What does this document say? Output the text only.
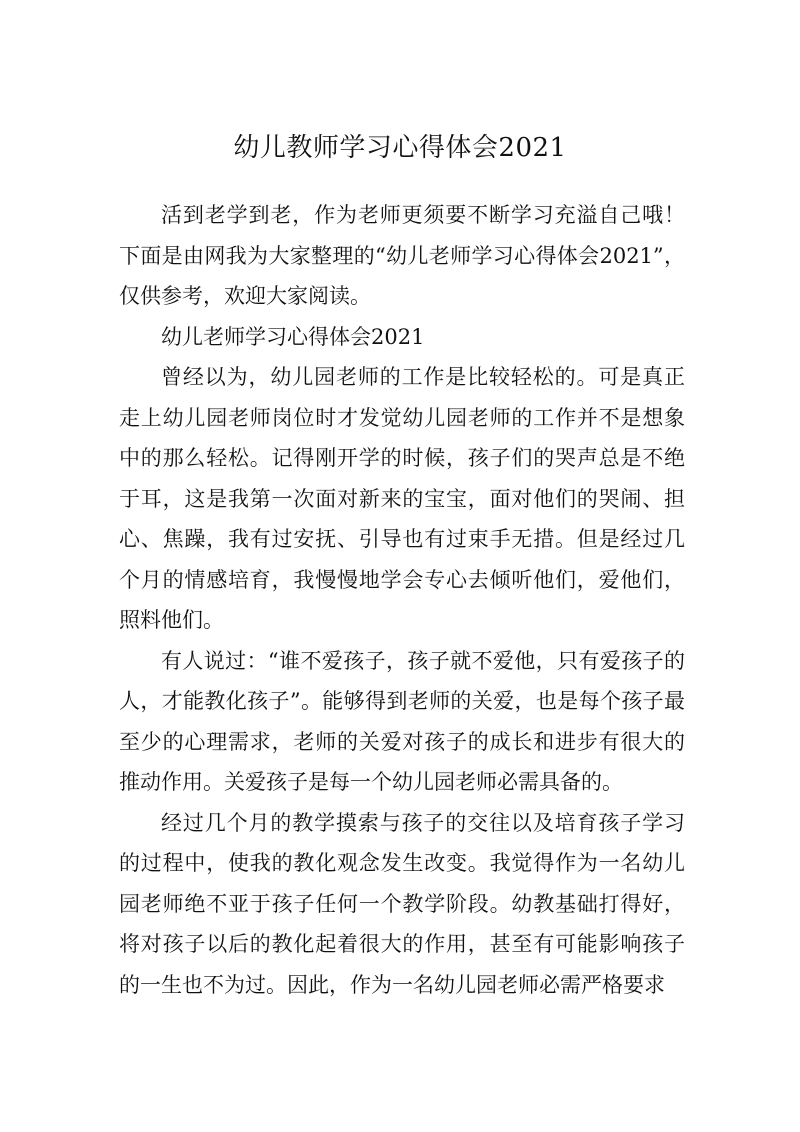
幼儿教师学习心得体会2021

活到老学到老，作为老师更须要不断学习充溢自己哦！下面是由网我为大家整理的“幼儿老师学习心得体会2021”，仅供参考，欢迎大家阅读。

幼儿老师学习心得体会2021

曾经以为，幼儿园老师的工作是比较轻松的。可是真正走上幼儿园老师岗位时才发觉幼儿园老师的工作并不是想象中的那么轻松。记得刚开学的时候，孩子们的哭声总是不绝于耳，这是我第一次面对新来的宝宝，面对他们的哭闹、担心、焦躁，我有过安抚、引导也有过束手无措。但是经过几个月的情感培育，我慢慢地学会专心去倾听他们，爱他们，照料他们。

有人说过：“谁不爱孩子，孩子就不爱他，只有爱孩子的人，才能教化孩子”。能够得到老师的关爱，也是每个孩子最至少的心理需求，老师的关爱对孩子的成长和进步有很大的推动作用。关爱孩子是每一个幼儿园老师必需具备的。

经过几个月的教学摸索与孩子的交往以及培育孩子学习的过程中，使我的教化观念发生改变。我觉得作为一名幼儿园老师绝不亚于孩子任何一个教学阶段。幼教基础打得好，将对孩子以后的教化起着很大的作用，甚至有可能影响孩子的一生也不为过。因此，作为一名幼儿园老师必需严格要求
